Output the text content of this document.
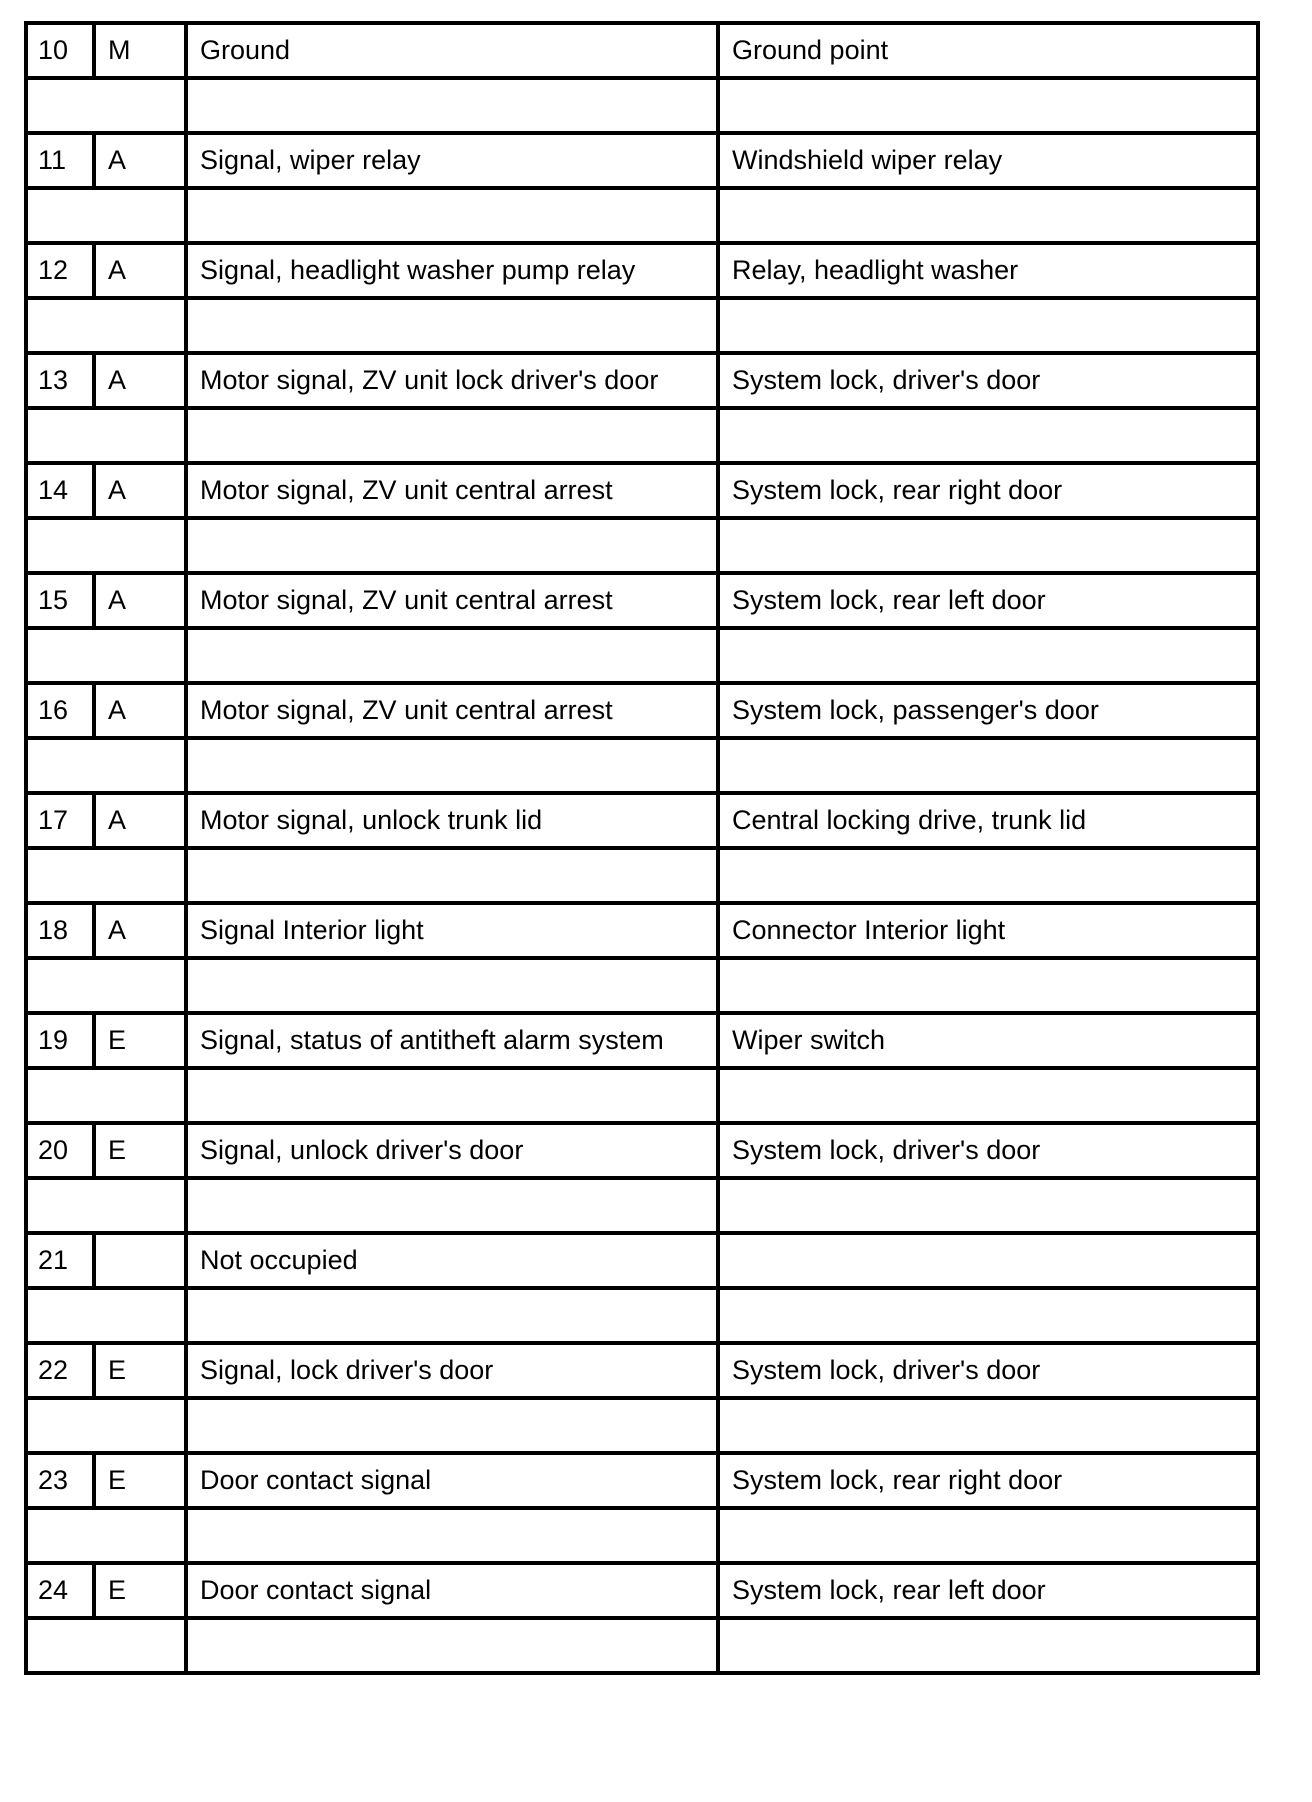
10	M	Ground	Ground point

11	A	Signal, wiper relay	Windshield wiper relay

12	A	Signal, headlight washer pump relay	Relay, headlight washer

13	A	Motor signal, ZV unit lock driver's door	System lock, driver's door

14	A	Motor signal, ZV unit central arrest	System lock, rear right door

15	A	Motor signal, ZV unit central arrest	System lock, rear left door

16	A	Motor signal, ZV unit central arrest	System lock, passenger's door

17	A	Motor signal, unlock trunk lid	Central locking drive, trunk lid

18	A	Signal Interior light	Connector Interior light

19	E	Signal, status of antitheft alarm system	Wiper switch

20	E	Signal, unlock driver's door	System lock, driver's door

21		Not occupied	

22	E	Signal, lock driver's door	System lock, driver's door

23	E	Door contact signal	System lock, rear right door

24	E	Door contact signal	System lock, rear left door
